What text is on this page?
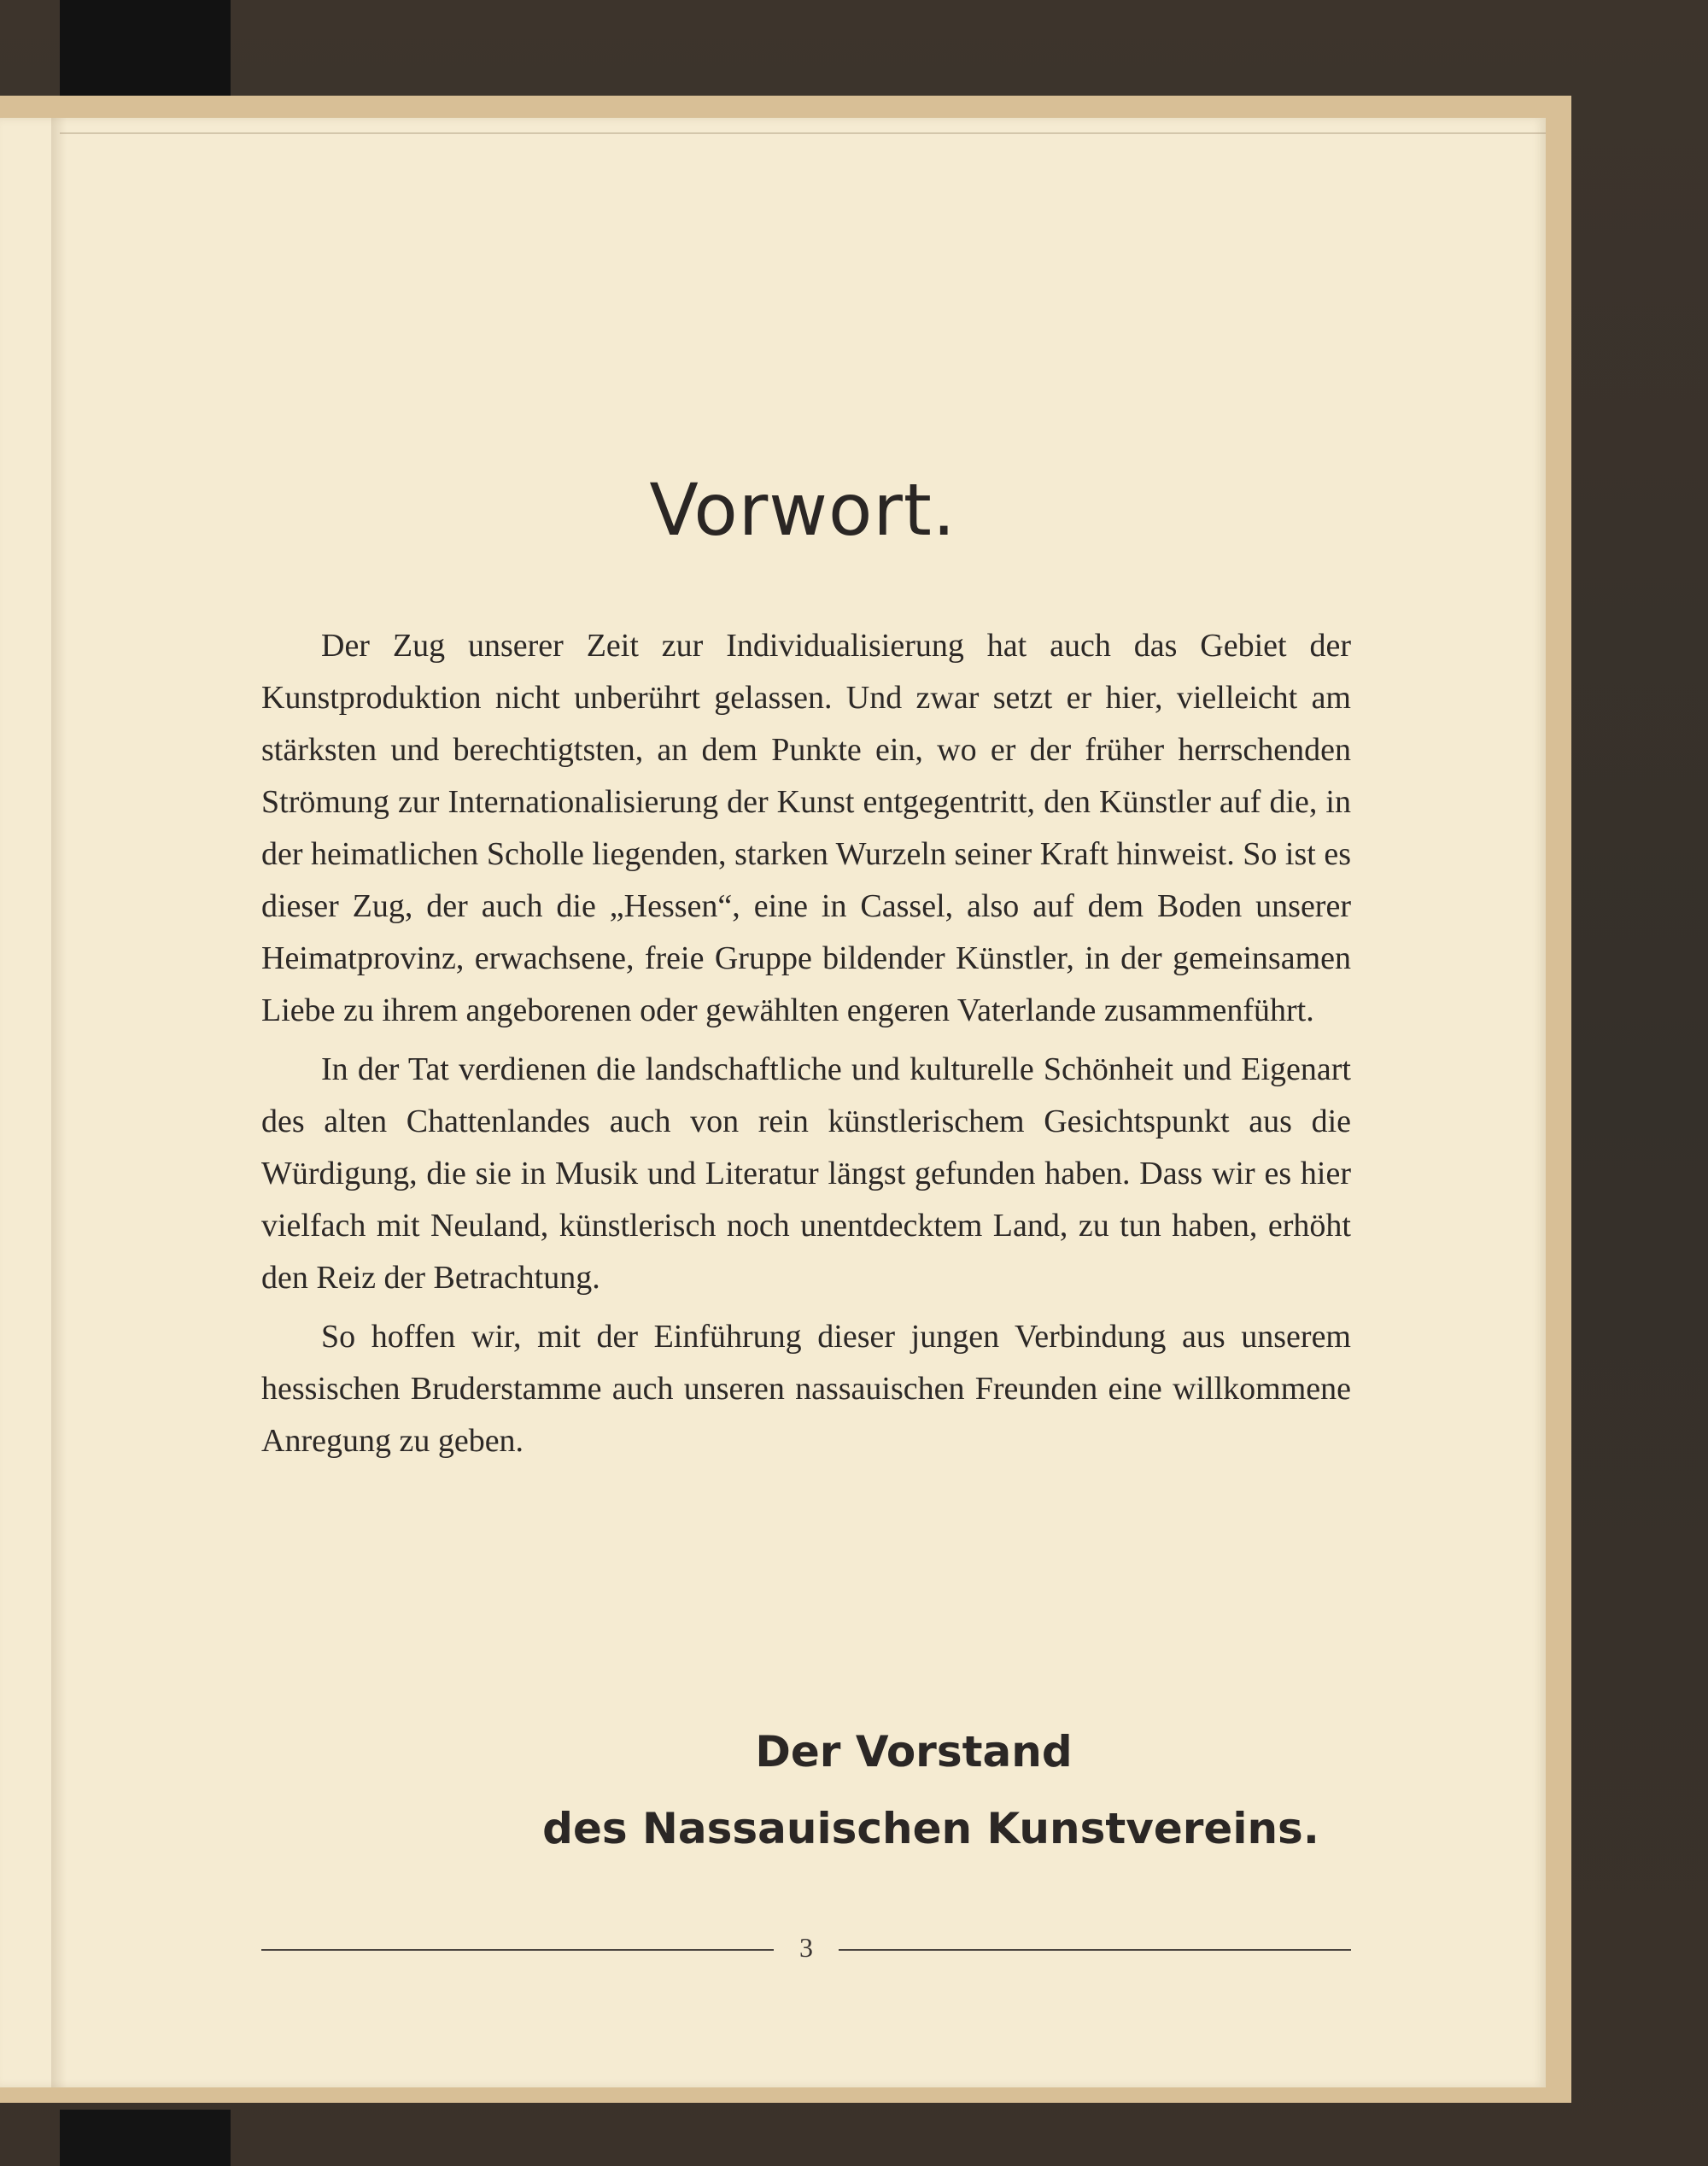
Vorwort.

Der Zug unserer Zeit zur Individualisierung hat auch das Gebiet der Kunstproduktion nicht unberührt gelassen. Und zwar setzt er hier, vielleicht am stärksten und berechtigtsten, an dem Punkte ein, wo er der früher herrschenden Strömung zur Internationalisierung der Kunst entgegentritt, den Künstler auf die, in der heimatlichen Scholle liegenden, starken Wurzeln seiner Kraft hinweist. So ist es dieser Zug, der auch die „Hessen“, eine in Cassel, also auf dem Boden unserer Heimatprovinz, erwachsene, freie Gruppe bildender Künstler, in der gemeinsamen Liebe zu ihrem angeborenen oder gewählten engeren Vaterlande zusammenführt.

In der Tat verdienen die landschaftliche und kulturelle Schönheit und Eigenart des alten Chattenlandes auch von rein künstlerischem Gesichtspunkt aus die Würdigung, die sie in Musik und Literatur längst gefunden haben. Dass wir es hier vielfach mit Neuland, künstlerisch noch unentdecktem Land, zu tun haben, erhöht den Reiz der Betrachtung.

So hoffen wir, mit der Einführung dieser jungen Verbindung aus unserem hessischen Bruderstamme auch unseren nassauischen Freunden eine willkommene Anregung zu geben.

Der Vorstand
des Nassauischen Kunstvereins.
3
